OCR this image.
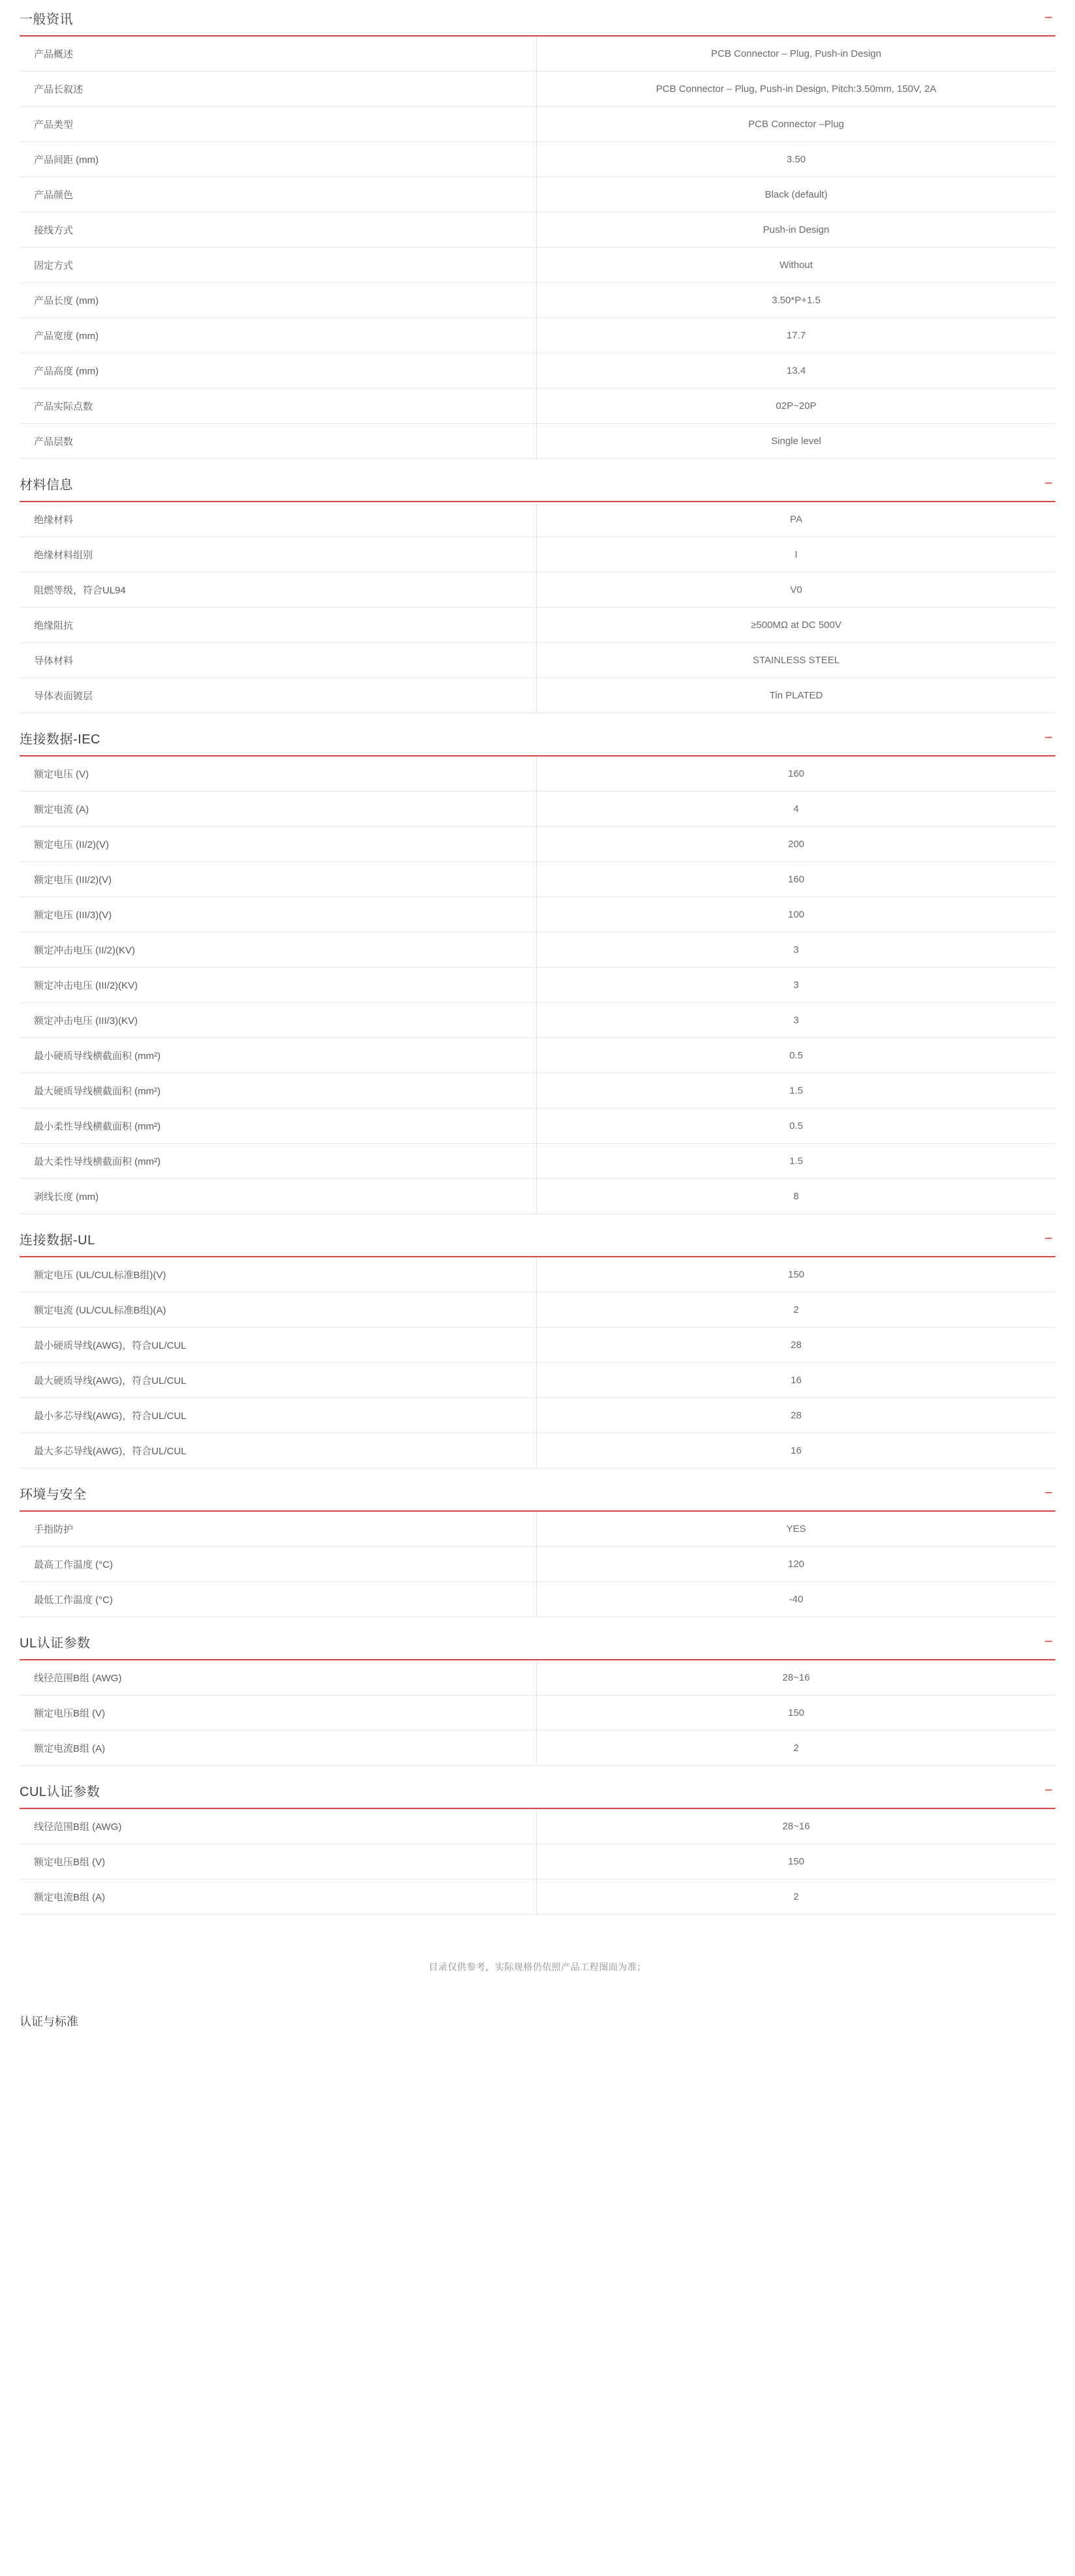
一般资讯	−
产品概述	PCB Connector – Plug, Push-in Design
产品长叙述	PCB Connector – Plug, Push-in Design, Pitch:3.50mm, 150V, 2A
产品类型	PCB Connector –Plug
产品间距 (mm)	3.50
产品颜色	Black (default)
接线方式	Push-in Design
固定方式	Without
产品长度 (mm)	3.50*P+1.5
产品宽度 (mm)	17.7
产品高度 (mm)	13.4
产品实际点数	02P~20P
产品层数	Single level
材料信息	−
绝缘材料	PA
绝缘材料组别	I
阻燃等级，符合UL94	V0
绝缘阻抗	≥500MΩ at DC 500V
导体材料	STAINLESS STEEL
导体表面镀层	Tin PLATED
连接数据-IEC	−
额定电压 (V)	160
额定电流 (A)	4
额定电压 (II/2)(V)	200
额定电压 (III/2)(V)	160
额定电压 (III/3)(V)	100
额定冲击电压 (II/2)(KV)	3
额定冲击电压 (III/2)(KV)	3
额定冲击电压 (III/3)(KV)	3
最小硬质导线横截面积 (mm²)	0.5
最大硬质导线横截面积 (mm²)	1.5
最小柔性导线横截面积 (mm²)	0.5
最大柔性导线横截面积 (mm²)	1.5
剥线长度 (mm)	8
连接数据-UL	−
额定电压 (UL/CUL标准B组)(V)	150
额定电流 (UL/CUL标准B组)(A)	2
最小硬质导线(AWG)，符合UL/CUL	28
最大硬质导线(AWG)，符合UL/CUL	16
最小多芯导线(AWG)，符合UL/CUL	28
最大多芯导线(AWG)，符合UL/CUL	16
环境与安全	−
手指防护	YES
最高工作温度 (°C)	120
最低工作温度 (°C)	-40
UL认证参数	−
线径范围B组 (AWG)	28~16
额定电压B组 (V)	150
额定电流B组 (A)	2
CUL认证参数	−
线径范围B组 (AWG)	28~16
额定电压B组 (V)	150
额定电流B组 (A)	2
目录仅供参考，实际规格仍依照产品工程图面为准；
认证与标准
